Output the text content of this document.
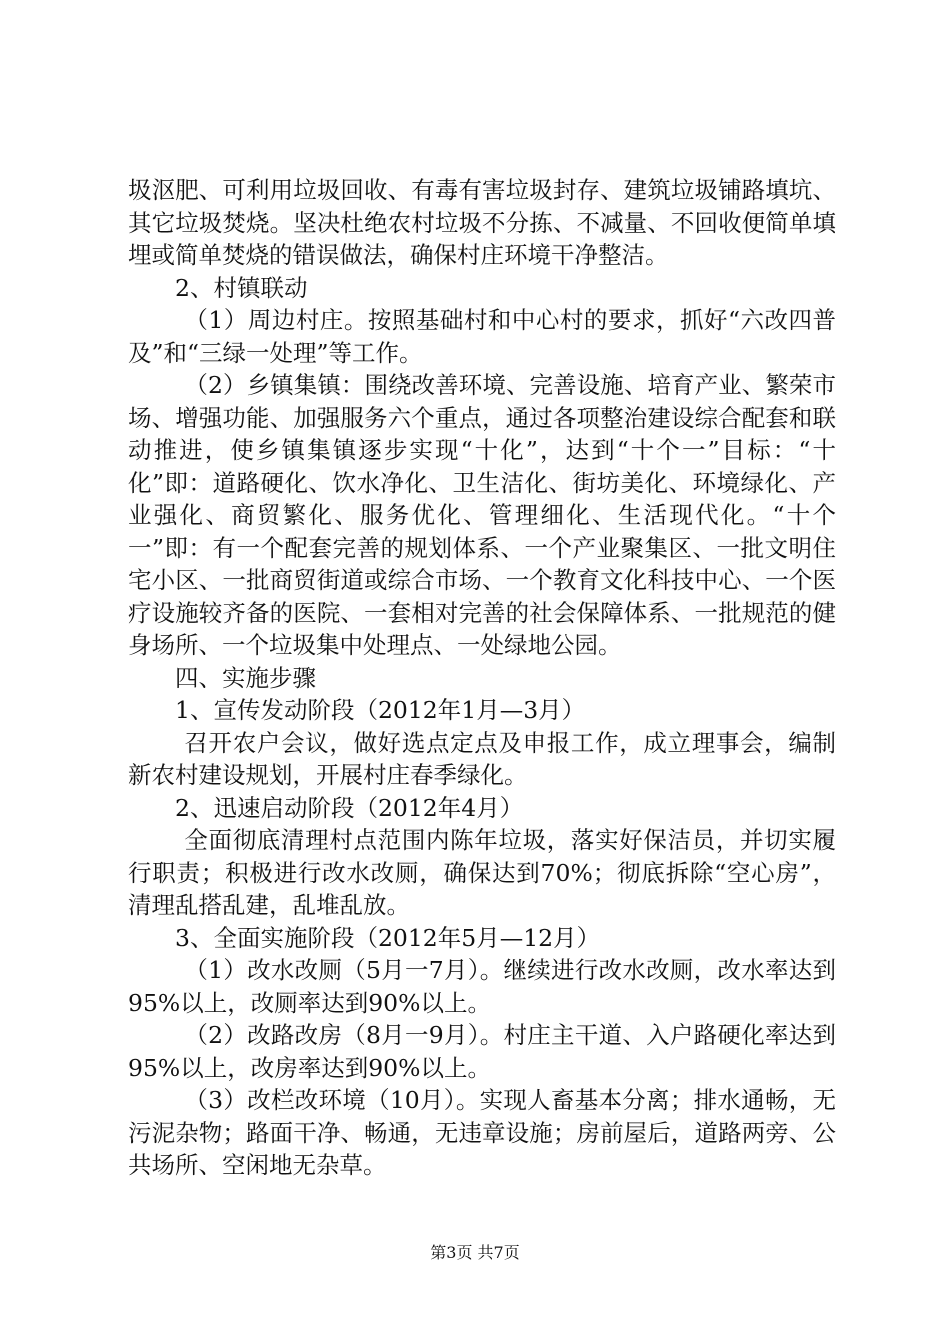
圾沤肥、可利用垃圾回收、有毒有害垃圾封存、建筑垃圾铺路填坑、其它垃圾焚烧。坚决杜绝农村垃圾不分拣、不减量、不回收便简单填埋或简单焚烧的错误做法，确保村庄环境干净整洁。

2、村镇联动

（1）周边村庄。按照基础村和中心村的要求，抓好“六改四普及”和“三绿一处理”等工作。

（2）乡镇集镇：围绕改善环境、完善设施、培育产业、繁荣市场、增强功能、加强服务六个重点，通过各项整治建设综合配套和联动推进，使乡镇集镇逐步实现“十化”，达到“十个一”目标：“十化”即：道路硬化、饮水净化、卫生洁化、街坊美化、环境绿化、产业强化、商贸繁化、服务优化、管理细化、生活现代化。“十个一”即：有一个配套完善的规划体系、一个产业聚集区、一批文明住宅小区、一批商贸街道或综合市场、一个教育文化科技中心、一个医疗设施较齐备的医院、一套相对完善的社会保障体系、一批规范的健身场所、一个垃圾集中处理点、一处绿地公园。

四、实施步骤

1、宣传发动阶段（2012年1月—3月）

召开农户会议，做好选点定点及申报工作，成立理事会，编制新农村建设规划，开展村庄春季绿化。

2、迅速启动阶段（2012年4月）

全面彻底清理村点范围内陈年垃圾，落实好保洁员，并切实履行职责；积极进行改水改厕，确保达到70%；彻底拆除“空心房”，清理乱搭乱建，乱堆乱放。

3、全面实施阶段（2012年5月—12月）

（1）改水改厕（5月一7月）。继续进行改水改厕，改水率达到95%以上，改厕率达到90%以上。

（2）改路改房（8月一9月）。村庄主干道、入户路硬化率达到95%以上，改房率达到90%以上。

（3）改栏改环境（10月）。实现人畜基本分离；排水通畅，无污泥杂物；路面干净、畅通，无违章设施；房前屋后，道路两旁、公共场所、空闲地无杂草。

第3页 共7页
